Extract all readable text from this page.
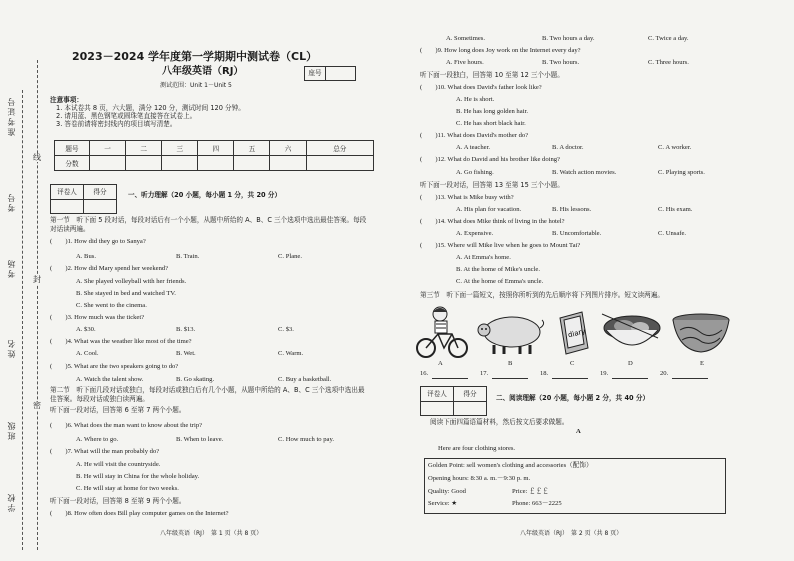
准考证号
考号
考场
姓名
班级
学校
线
封
密
2023－2024 学年度第一学期期中测试卷（CL）
八年级英语（RJ）	座号
测试范围：Unit 1－Unit 5
注意事项：
1. 本试卷共 8 页，六大题，满分 120 分，测试时间 120 分钟。
2. 请用蓝、黑色钢笔或圆珠笔直接答在试卷上。
3. 答卷前请将密封线内的项目填写清楚。
题号	一	二	三	四	五	六	总分
分数							
评卷人	得分	一、听力理解（20 小题，每小题 1 分，共 20 分）
第一节　听下面 5 段对话，每段对话后有一个小题，从题中所给的 A、B、C 三个选项中选出最佳答案。每段对话读两遍。
(　　)1. How did they go to Sanya?
A. Bus.	B. Train.	C. Plane.
(　　)2. How did Mary spend her weekend?
A. She played volleyball with her friends.
B. She stayed in bed and watched TV.
C. She went to the cinema.
(　　)3. How much was the ticket?
A. $30.	B. $13.	C. $3.
(　　)4. What was the weather like most of the time?
A. Cool.	B. Wet.	C. Warm.
(　　)5. What are the two speakers going to do?
A. Watch the talent show.	B. Go skating.	C. Buy a basketball.
第二节　听下面几段对话或独白，每段对话或独白后有几个小题，从题中所给的 A、B、C 三个选项中选出最佳答案。每段对话或独白读两遍。
听下面一段对话，回答第 6 至第 7 两个小题。
(　　)6. What does the man want to know about the trip?
A. Where to go.	B. When to leave.	C. How much to pay.
(　　)7. What will the man probably do?
A. He will visit the countryside.
B. He will stay in China for the whole holiday.
C. He will stay at home for two weeks.
听下面一段对话，回答第 8 至第 9 两个小题。
(　　)8. How often does Bill play computer games on the Internet?
八年级英语（RJ）　第 1 页（共 8 页）
A. Sometimes.	B. Two hours a day.	C. Twice a day.
(　　)9. How long does Joy work on the Internet every day?
A. Five hours.	B. Two hours.	C. Three hours.
听下面一段独白，回答第 10 至第 12 三个小题。
(　　)10. What does David's father look like?
A. He is short.
B. He has long golden hair.
C. He has short black hair.
(　　)11. What does David's mother do?
A. A teacher.	B. A doctor.	C. A worker.
(　　)12. What do David and his brother like doing?
A. Go fishing.	B. Watch action movies.	C. Playing sports.
听下面一段对话，回答第 13 至第 15 三个小题。
(　　)13. What is Mike busy with?
A. His plan for vacation.	B. His lessons.	C. His exam.
(　　)14. What does Mike think of living in the hotel?
A. Expensive.	B. Uncomfortable.	C. Unsafe.
(　　)15. Where will Mike live when he goes to Mount Tai?
A. At Emma's home.
B. At the home of Mike's uncle.
C. At the home of Emma's uncle.
第三节　听下面一篇短文，按照你所听到的先后顺序将下列图片排序。短文读两遍。
diary
A	B	C	D	E
16.	17.	18.	19.	20.
评卷人	得分	二、阅读理解（20 小题，每小题 2 分，共 40 分）
阅读下面四篇语篇材料，然后按文后要求做题。
A
Here are four clothing stores.
Golden Point: sell women's clothing and accessories（配饰）
Opening hours: 8:30 a. m.－9:30 p. m.
Quality: Good	Price: ￡￡￡
Service: ★	Phone: 663－2225
八年级英语（RJ）　第 2 页（共 8 页）
